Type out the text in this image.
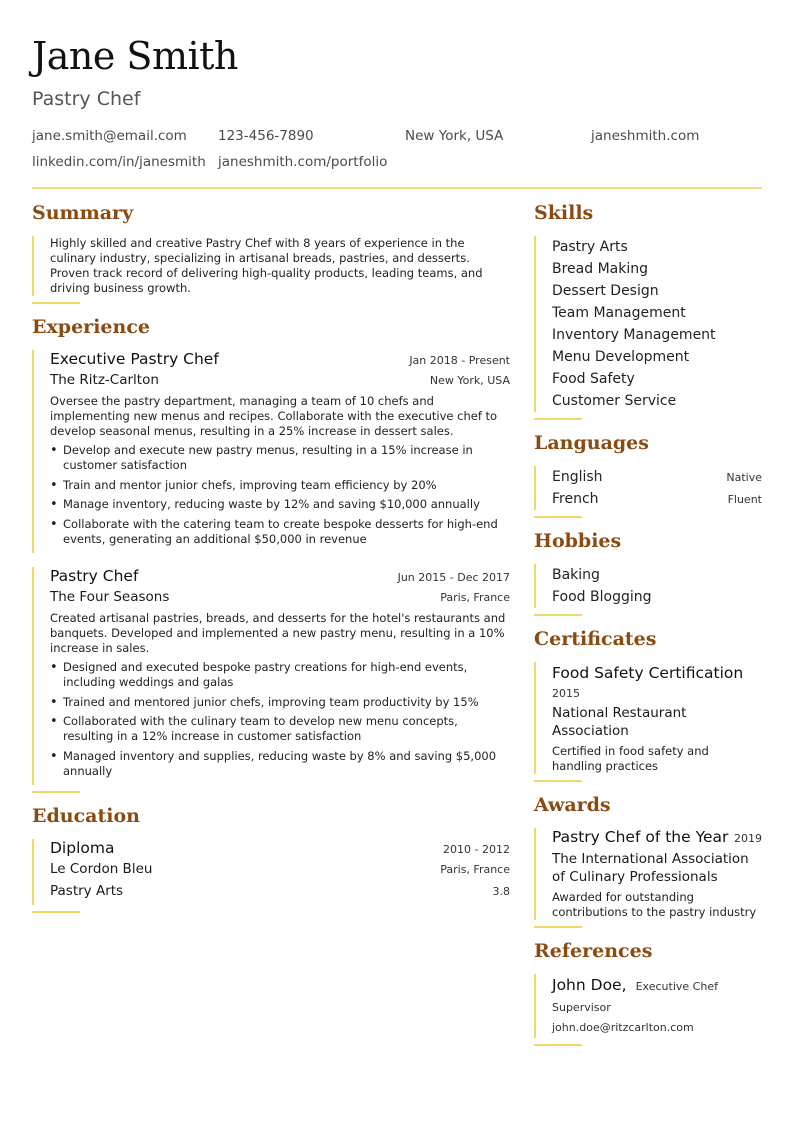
Jane Smith
Pastry Chef
jane.smith@email.com 123-456-7890	New York, USA	janeshmith.com
linkedin.com/in/janesmith janeshmith.com/portfolio
Summary
Highly skilled and creative Pastry Chef with 8 years of experience in the culinary industry, specializing in artisanal breads, pastries, and desserts. Proven track record of delivering high-quality products, leading teams, and driving business growth.
Experience
Executive Pastry Chef	Jan 2018 - Present
The Ritz-Carlton	New York, USA
Oversee the pastry department, managing a team of 10 chefs and implementing new menus and recipes. Collaborate with the executive chef to develop seasonal menus, resulting in a 25% increase in dessert sales.
• Develop and execute new pastry menus, resulting in a 15% increase in customer satisfaction
• Train and mentor junior chefs, improving team efficiency by 20%
• Manage inventory, reducing waste by 12% and saving $10,000 annually
• Collaborate with the catering team to create bespoke desserts for high-end events, generating an additional $50,000 in revenue
Pastry Chef	Jun 2015 - Dec 2017
The Four Seasons	Paris, France
Created artisanal pastries, breads, and desserts for the hotel's restaurants and banquets. Developed and implemented a new pastry menu, resulting in a 10% increase in sales.
• Designed and executed bespoke pastry creations for high-end events, including weddings and galas
• Trained and mentored junior chefs, improving team productivity by 15%
• Collaborated with the culinary team to develop new menu concepts, resulting in a 12% increase in customer satisfaction
• Managed inventory and supplies, reducing waste by 8% and saving $5,000 annually
Education
Diploma	2010 - 2012
Le Cordon Bleu	Paris, France
Pastry Arts	3.8
Skills
Pastry Arts
Bread Making
Dessert Design
Team Management
Inventory Management
Menu Development
Food Safety
Customer Service
Languages
English	Native
French	Fluent
Hobbies
Baking
Food Blogging
Certificates
Food Safety Certification
2015
National Restaurant Association
Certified in food safety and handling practices
Awards
Pastry Chef of the Year 2019
The International Association of Culinary Professionals
Awarded for outstanding contributions to the pastry industry
References
John Doe, Executive Chef
Supervisor
john.doe@ritzcarlton.com
